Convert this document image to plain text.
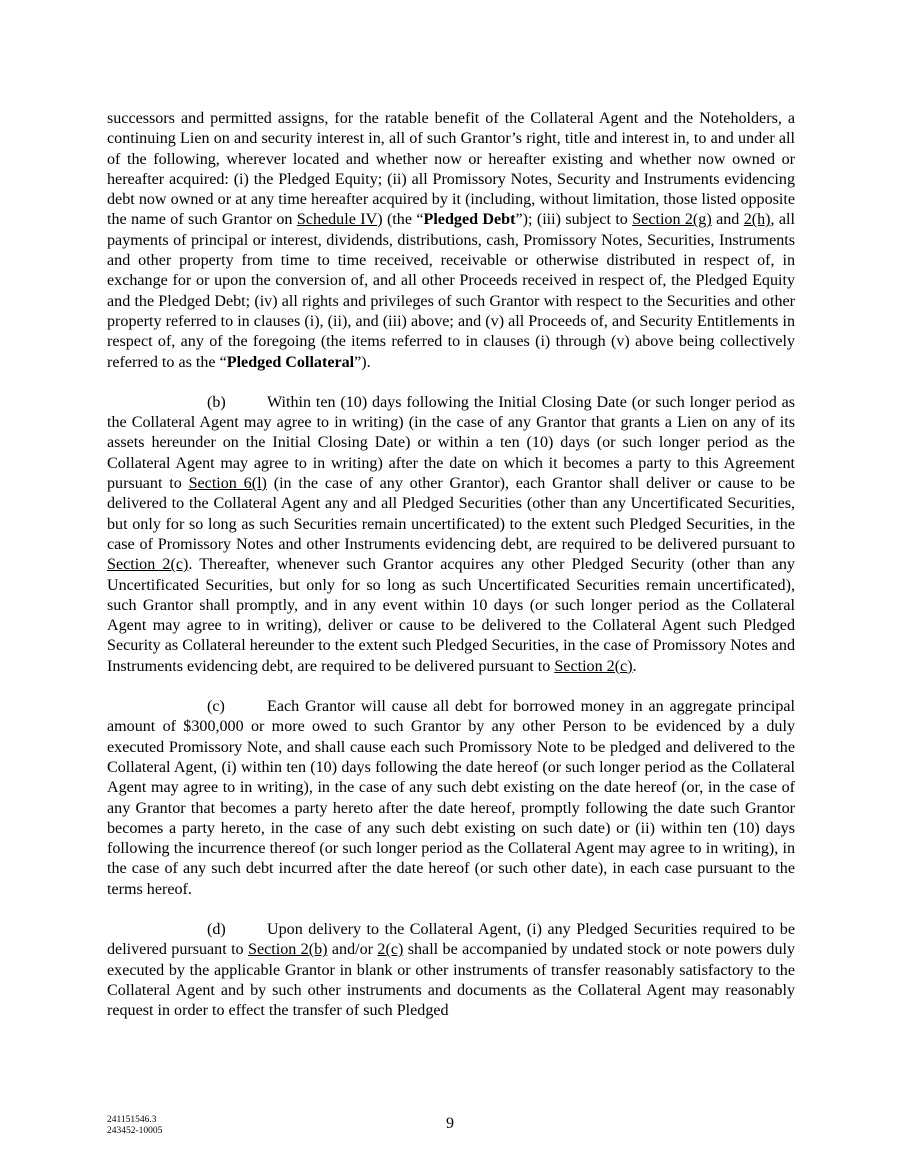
successors and permitted assigns, for the ratable benefit of the Collateral Agent and the Noteholders, a continuing Lien on and security interest in, all of such Grantor’s right, title and interest in, to and under all of the following, wherever located and whether now or hereafter existing and whether now owned or hereafter acquired: (i) the Pledged Equity; (ii) all Promissory Notes, Security and Instruments evidencing debt now owned or at any time hereafter acquired by it (including, without limitation, those listed opposite the name of such Grantor on Schedule IV) (the “Pledged Debt”); (iii) subject to Section 2(g) and 2(h), all payments of principal or interest, dividends, distributions, cash, Promissory Notes, Securities, Instruments and other property from time to time received, receivable or otherwise distributed in respect of, in exchange for or upon the conversion of, and all other Proceeds received in respect of, the Pledged Equity and the Pledged Debt; (iv) all rights and privileges of such Grantor with respect to the Securities and other property referred to in clauses (i), (ii), and (iii) above; and (v) all Proceeds of, and Security Entitlements in respect of, any of the foregoing (the items referred to in clauses (i) through (v) above being collectively referred to as the “Pledged Collateral”).

(b)	Within ten (10) days following the Initial Closing Date (or such longer period as the Collateral Agent may agree to in writing) (in the case of any Grantor that grants a Lien on any of its assets hereunder on the Initial Closing Date) or within a ten (10) days (or such longer period as the Collateral Agent may agree to in writing) after the date on which it becomes a party to this Agreement pursuant to Section 6(l) (in the case of any other Grantor), each Grantor shall deliver or cause to be delivered to the Collateral Agent any and all Pledged Securities (other than any Uncertificated Securities, but only for so long as such Securities remain uncertificated) to the extent such Pledged Securities, in the case of Promissory Notes and other Instruments evidencing debt, are required to be delivered pursuant to Section 2(c). Thereafter, whenever such Grantor acquires any other Pledged Security (other than any Uncertificated Securities, but only for so long as such Uncertificated Securities remain uncertificated), such Grantor shall promptly, and in any event within 10 days (or such longer period as the Collateral Agent may agree to in writing), deliver or cause to be delivered to the Collateral Agent such Pledged Security as Collateral hereunder to the extent such Pledged Securities, in the case of Promissory Notes and Instruments evidencing debt, are required to be delivered pursuant to Section 2(c).

(c)	Each Grantor will cause all debt for borrowed money in an aggregate principal amount of $300,000 or more owed to such Grantor by any other Person to be evidenced by a duly executed Promissory Note, and shall cause each such Promissory Note to be pledged and delivered to the Collateral Agent, (i) within ten (10) days following the date hereof (or such longer period as the Collateral Agent may agree to in writing), in the case of any such debt existing on the date hereof (or, in the case of any Grantor that becomes a party hereto after the date hereof, promptly following the date such Grantor becomes a party hereto, in the case of any such debt existing on such date) or (ii) within ten (10) days following the incurrence thereof (or such longer period as the Collateral Agent may agree to in writing), in the case of any such debt incurred after the date hereof (or such other date), in each case pursuant to the terms hereof.

(d)	Upon delivery to the Collateral Agent, (i) any Pledged Securities required to be delivered pursuant to Section 2(b) and/or 2(c) shall be accompanied by undated stock or note powers duly executed by the applicable Grantor in blank or other instruments of transfer reasonably satisfactory to the Collateral Agent and by such other instruments and documents as the Collateral Agent may reasonably request in order to effect the transfer of such Pledged

241151546.3
243452-10005	9
